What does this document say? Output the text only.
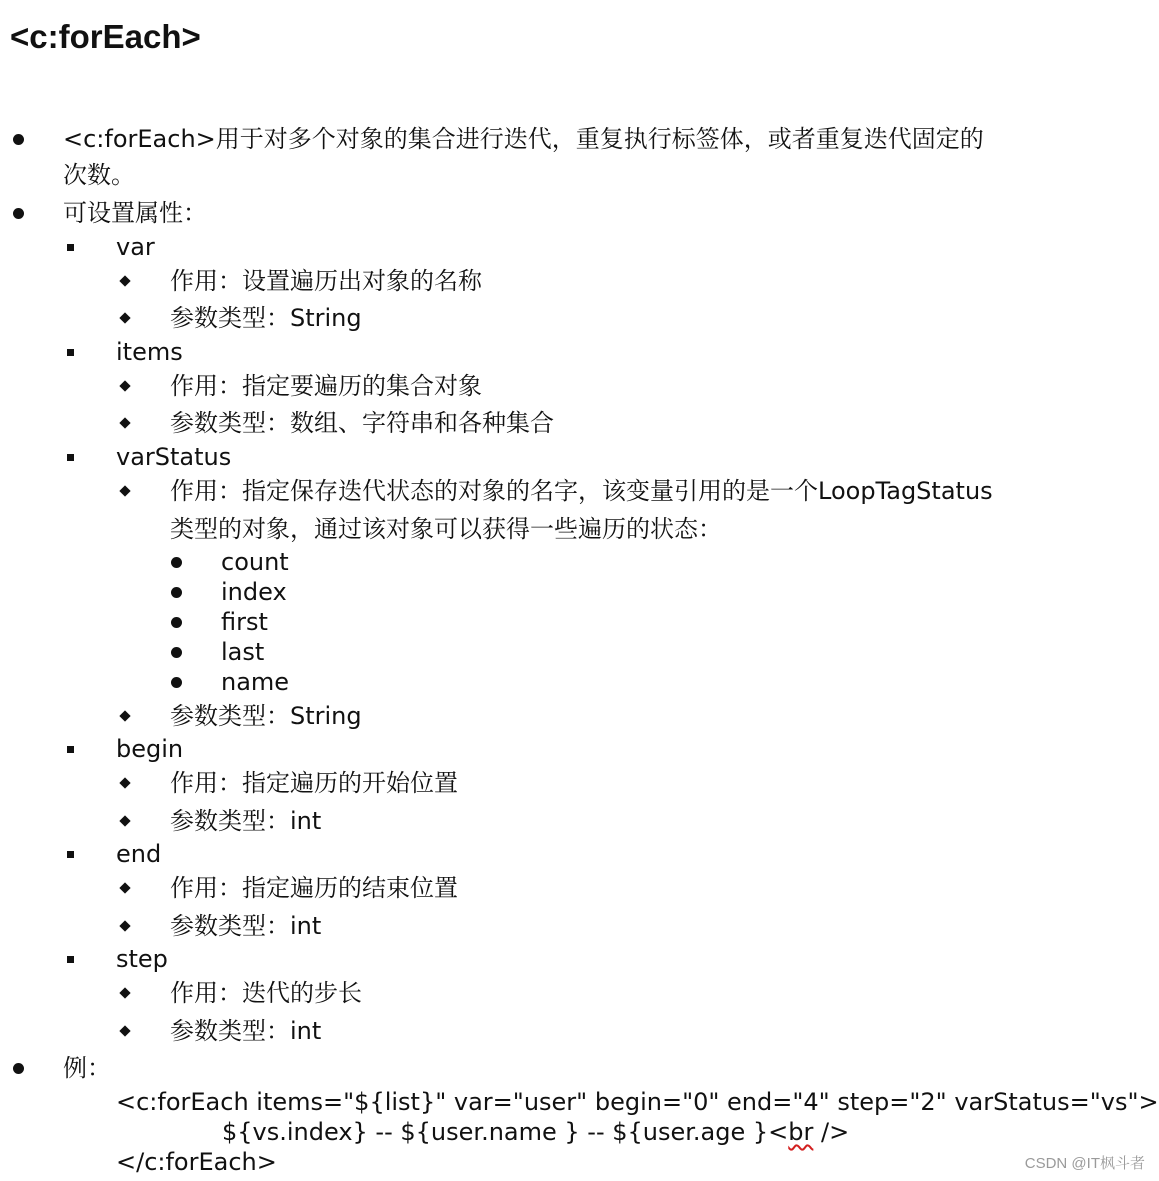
<c:forEach>
<c:forEach>用于对多个对象的集合进行迭代，重复执行标签体，或者重复迭代固定的
次数。
可设置属性：
var
作用：设置遍历出对象的名称
参数类型：String
items
作用：指定要遍历的集合对象
参数类型：数组、字符串和各种集合
varStatus
作用：指定保存迭代状态的对象的名字，该变量引用的是一个LoopTagStatus
类型的对象，通过该对象可以获得一些遍历的状态：
count
index
first
last
name
参数类型：String
begin
作用：指定遍历的开始位置
参数类型：int
end
作用：指定遍历的结束位置
参数类型：int
step
作用：迭代的步长
参数类型：int
例：
<c:forEach items="${list}" var="user" begin="0" end="4" step="2" varStatus="vs">
${vs.index} -- ${user.name } -- ${user.age }<br />
</c:forEach>	CSDN @IT枫斗者
